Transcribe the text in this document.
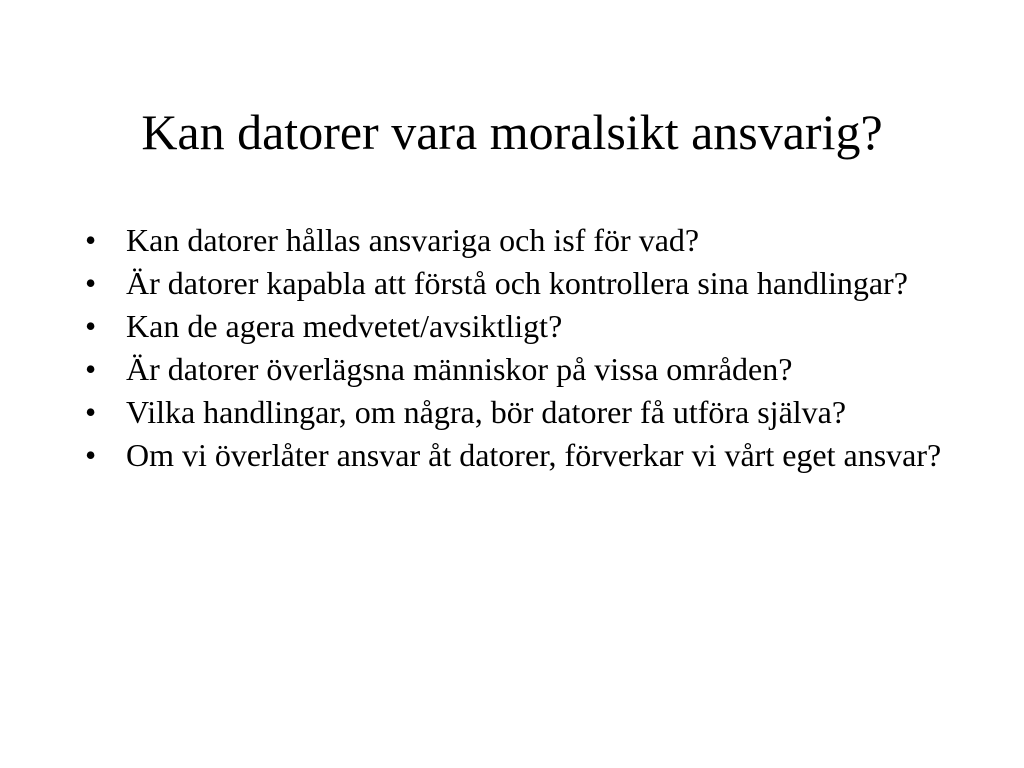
Kan datorer vara moralsikt ansvarig?
• Kan datorer hållas ansvariga och isf för vad?
• Är datorer kapabla att förstå och kontrollera sina handlingar?
• Kan de agera medvetet/avsiktligt?
• Är datorer överlägsna människor på vissa områden?
• Vilka handlingar, om några, bör datorer få utföra själva?
• Om vi överlåter ansvar åt datorer, förverkar vi vårt eget ansvar?
